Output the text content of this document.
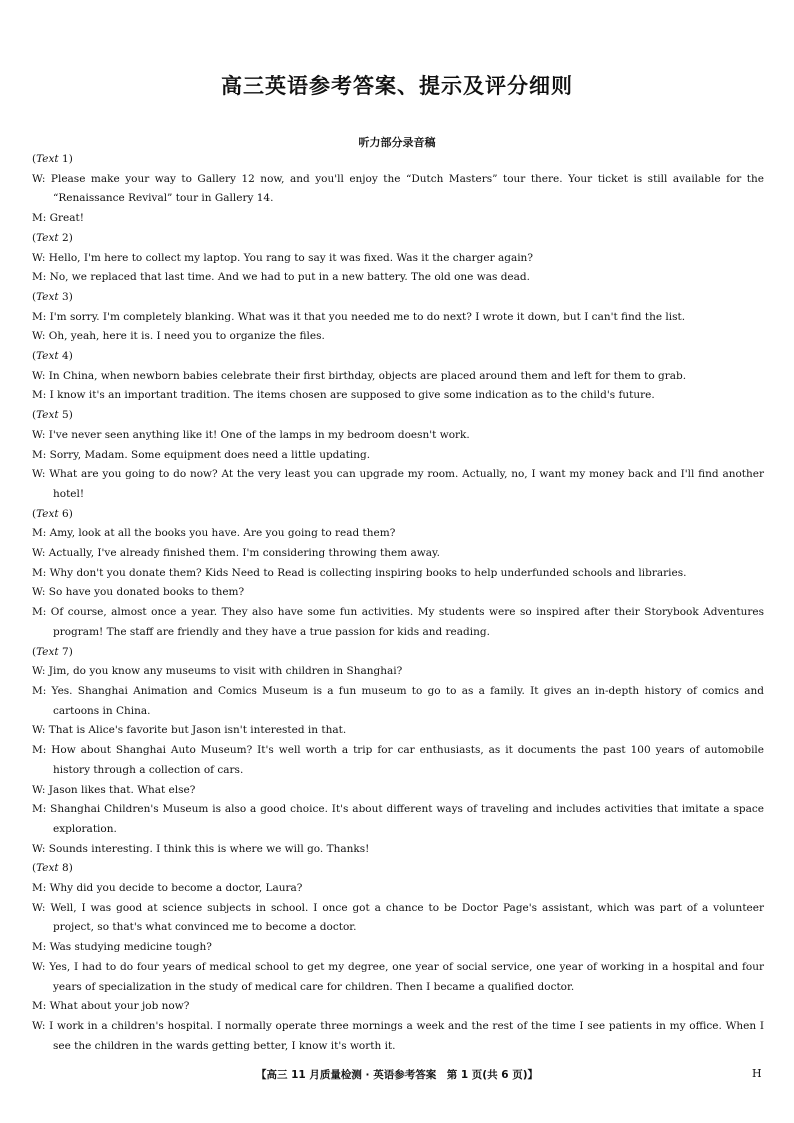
高三英语参考答案、提示及评分细则
听力部分录音稿
(Text 1)
W: Please make your way to Gallery 12 now, and you'll enjoy the “Dutch Masters” tour there. Your ticket is still available for the “Renaissance Revival” tour in Gallery 14.
M: Great!
(Text 2)
W: Hello, I'm here to collect my laptop. You rang to say it was fixed. Was it the charger again?
M: No, we replaced that last time. And we had to put in a new battery. The old one was dead.
(Text 3)
M: I'm sorry. I'm completely blanking. What was it that you needed me to do next? I wrote it down, but I can't find the list.
W: Oh, yeah, here it is. I need you to organize the files.
(Text 4)
W: In China, when newborn babies celebrate their first birthday, objects are placed around them and left for them to grab.
M: I know it's an important tradition. The items chosen are supposed to give some indication as to the child's future.
(Text 5)
W: I've never seen anything like it! One of the lamps in my bedroom doesn't work.
M: Sorry, Madam. Some equipment does need a little updating.
W: What are you going to do now? At the very least you can upgrade my room. Actually, no, I want my money back and I'll find another hotel!
(Text 6)
M: Amy, look at all the books you have. Are you going to read them?
W: Actually, I've already finished them. I'm considering throwing them away.
M: Why don't you donate them? Kids Need to Read is collecting inspiring books to help underfunded schools and libraries.
W: So have you donated books to them?
M: Of course, almost once a year. They also have some fun activities. My students were so inspired after their Storybook Adventures program! The staff are friendly and they have a true passion for kids and reading.
(Text 7)
W: Jim, do you know any museums to visit with children in Shanghai?
M: Yes. Shanghai Animation and Comics Museum is a fun museum to go to as a family. It gives an in-depth history of comics and cartoons in China.
W: That is Alice's favorite but Jason isn't interested in that.
M: How about Shanghai Auto Museum? It's well worth a trip for car enthusiasts, as it documents the past 100 years of automobile history through a collection of cars.
W: Jason likes that. What else?
M: Shanghai Children's Museum is also a good choice. It's about different ways of traveling and includes activities that imitate a space exploration.
W: Sounds interesting. I think this is where we will go. Thanks!
(Text 8)
M: Why did you decide to become a doctor, Laura?
W: Well, I was good at science subjects in school. I once got a chance to be Doctor Page's assistant, which was part of a volunteer project, so that's what convinced me to become a doctor.
M: Was studying medicine tough?
W: Yes, I had to do four years of medical school to get my degree, one year of social service, one year of working in a hospital and four years of specialization in the study of medical care for children. Then I became a qualified doctor.
M: What about your job now?
W: I work in a children's hospital. I normally operate three mornings a week and the rest of the time I see patients in my office. When I see the children in the wards getting better, I know it's worth it.
【高三 11 月质量检测 · 英语参考答案　第 1 页(共 6 页)】	H
